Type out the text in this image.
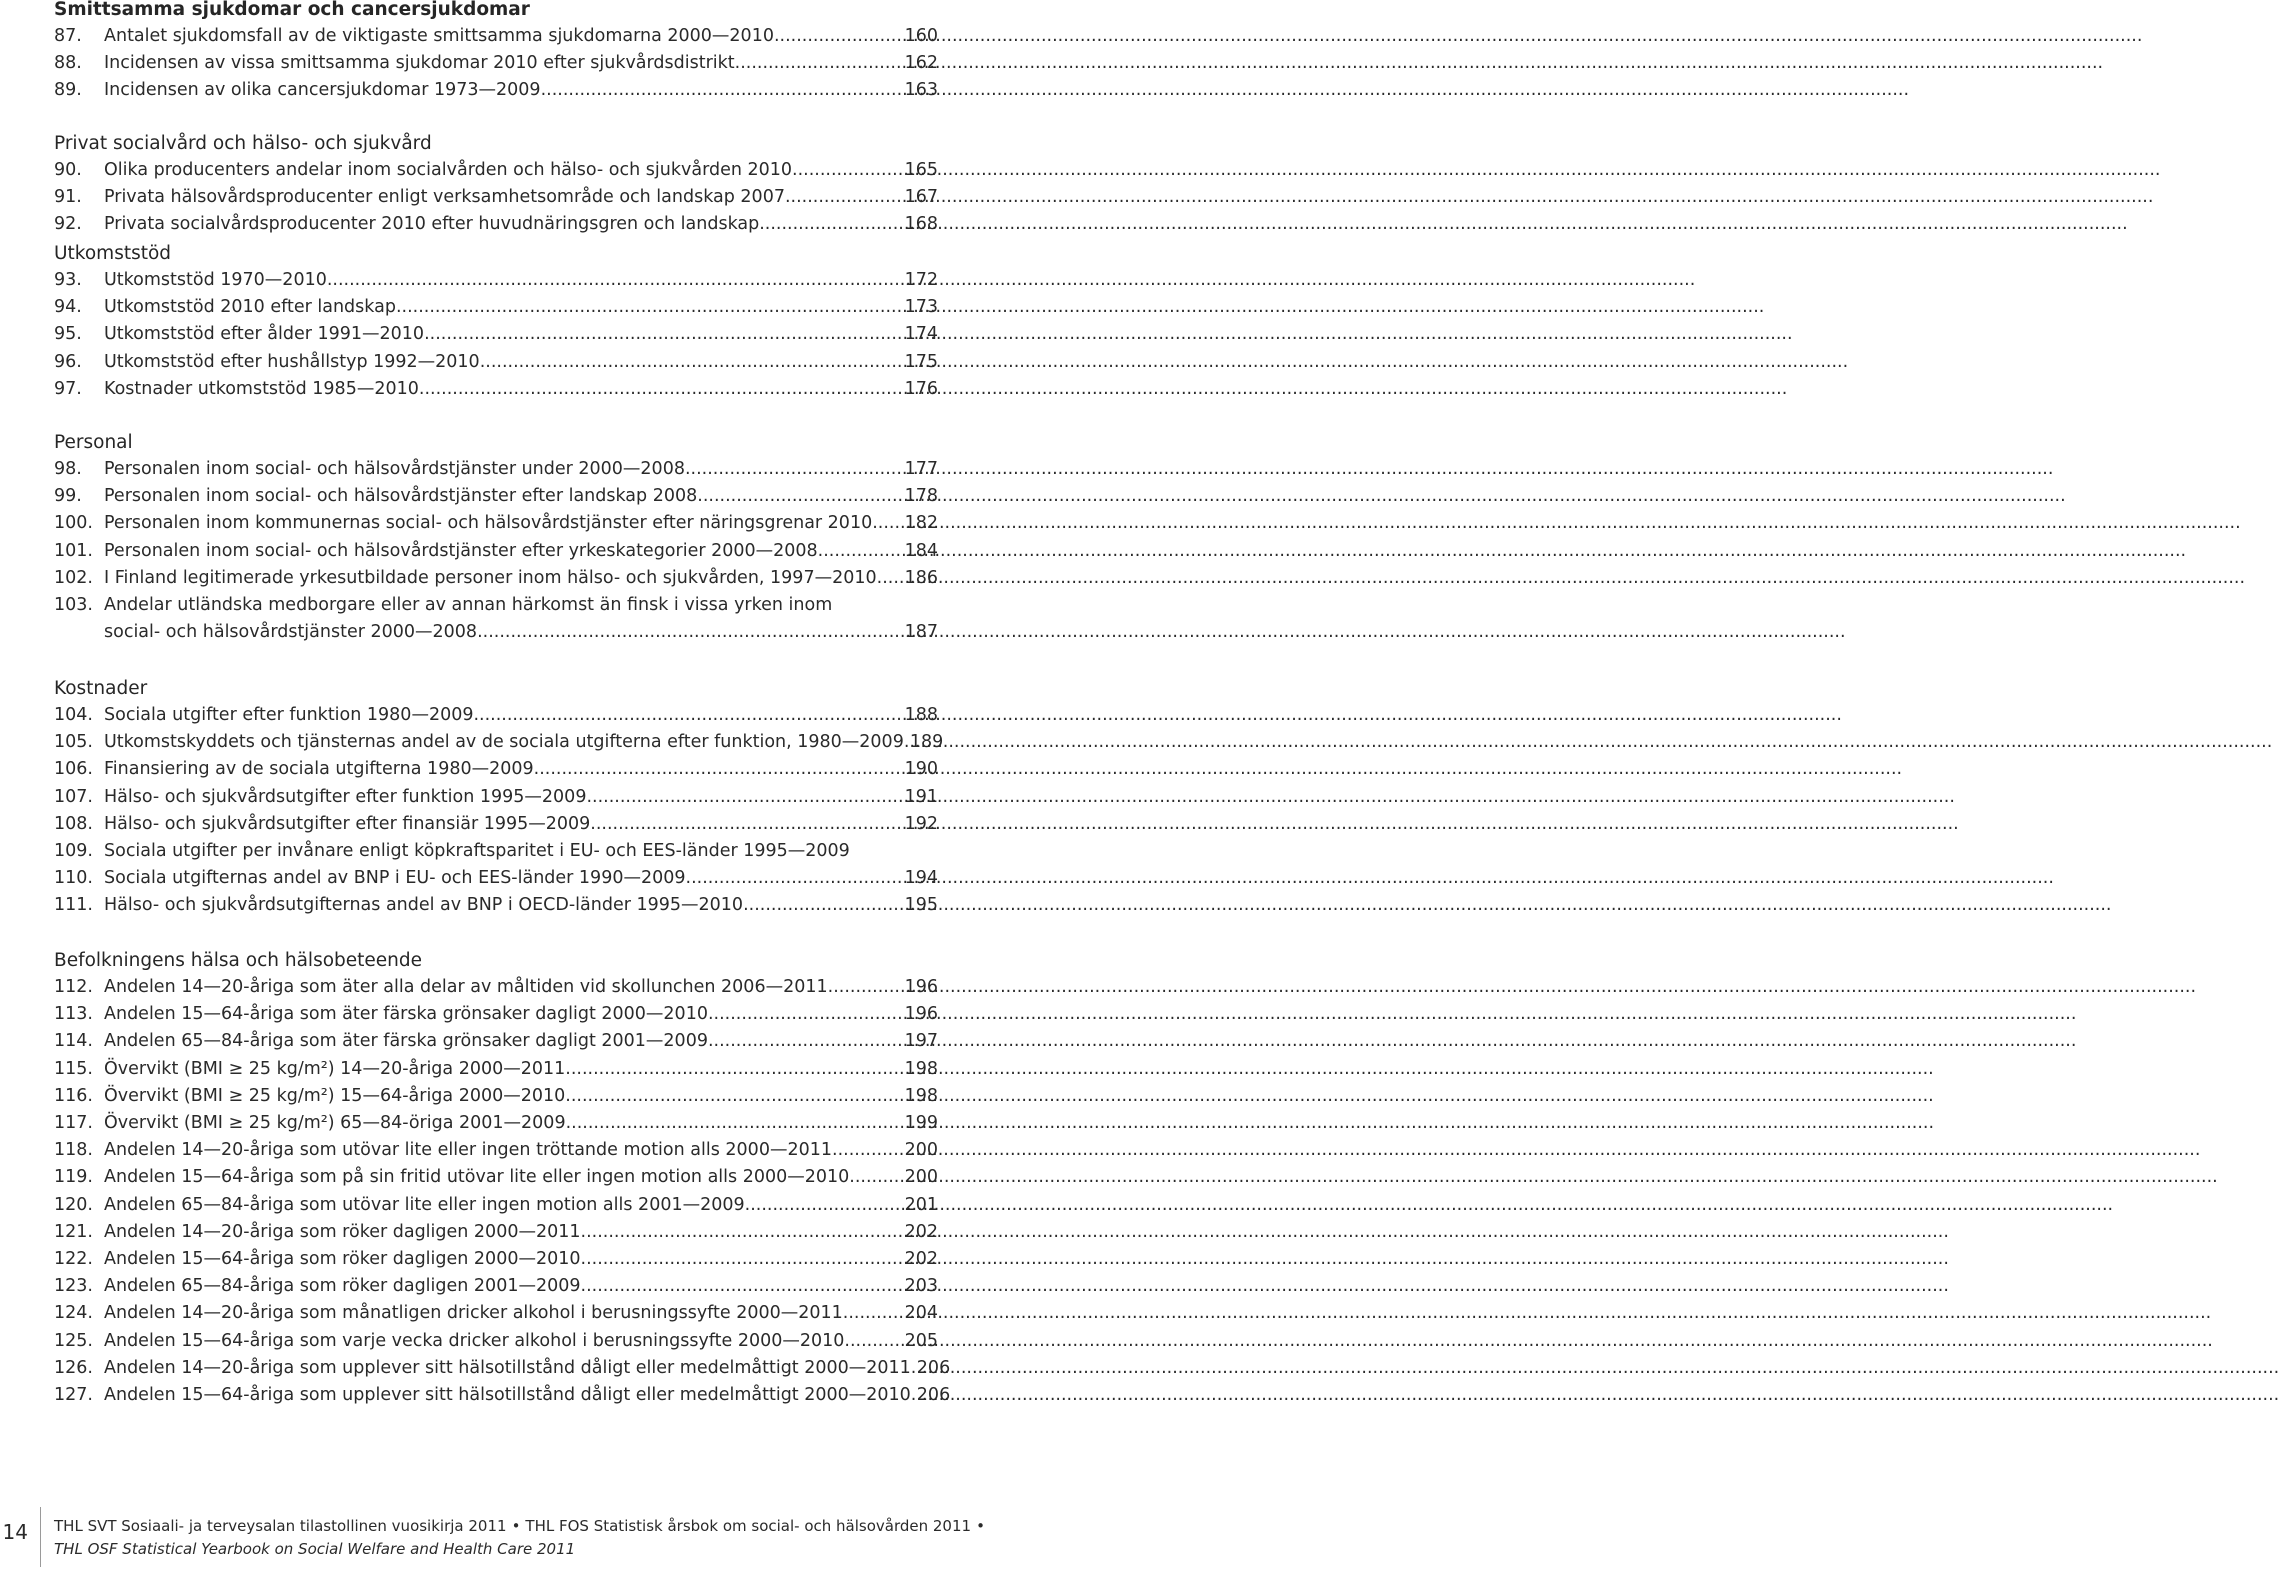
Smittsamma sjukdomar och cancersjukdomar
87.	Antalet sjukdomsfall av de viktigaste smittsamma sjukdomarna 2000—2010 .....	160
88.	Incidensen av vissa smittsamma sjukdomar 2010 efter sjukvårdsdistrikt .....	162
89.	Incidensen av olika cancersjukdomar 1973—2009 .....	163
Privat socialvård och hälso- och sjukvård
90.	Olika producenters andelar inom socialvården och hälso- och sjukvården 2010 .....	165
91.	Privata hälsovårdsproducenter enligt verksamhetsområde och landskap 2007 .....	167
92.	Privata socialvårdsproducenter 2010 efter huvudnäringsgren och landskap .....	168
Utkomststöd
93.	Utkomststöd 1970—2010 .....	172
94.	Utkomststöd 2010 efter landskap .....	173
95.	Utkomststöd efter ålder 1991—2010 .....	174
96.	Utkomststöd efter hushållstyp 1992—2010 .....	175
97.	Kostnader utkomststöd 1985—2010 .....	176
Personal
98.	Personalen inom social- och hälsovårdstjänster under 2000—2008 .....	177
99.	Personalen inom social- och hälsovårdstjänster efter landskap 2008 .....	178
100. Personalen inom kommunernas social- och hälsovårdstjänster efter näringsgrenar 2010 ..... 182
101. Personalen inom social- och hälsovårdstjänster efter yrkeskategorier 2000—2008 .....	184
102. I Finland legitimerade yrkesutbildade personer inom hälso- och sjukvården, 1997—2010 ..... 186
103. Andelar utländska medborgare eller av annan härkomst än finsk i vissa yrken inom
social- och hälsovårdstjänster 2000—2008 .....	187
Kostnader
104. Sociala utgifter efter funktion 1980—2009 .....	188
105. Utkomstskyddets och tjänsternas andel av de sociala utgifterna efter funktion, 1980—2009 ..... 189
106. Finansiering av de sociala utgifterna 1980—2009 .....	190
107. Hälso- och sjukvårdsutgifter efter funktion 1995—2009 .....	191
108. Hälso- och sjukvårdsutgifter efter finansiär 1995—2009 .....	192
109. Sociala utgifter per invånare enligt köpkraftsparitet i EU- och EES-länder 1995—2009
110. Sociala utgifternas andel av BNP i EU- och EES-länder 1990—2009 .....	194
111. Hälso- och sjukvårdsutgifternas andel av BNP i OECD-länder 1995—2010 .....	195
Befolkningens hälsa och hälsobeteende
112. Andelen 14—20-åriga som äter alla delar av måltiden vid skollunchen 2006—2011 .....	196
113. Andelen 15—64-åriga som äter färska grönsaker dagligt 2000—2010 .....	196
114. Andelen 65—84-åriga som äter färska grönsaker dagligt 2001—2009 .....	197
115. Övervikt (BMI ≥ 25 kg/m²) 14—20-åriga 2000—2011 .....	198
116. Övervikt (BMI ≥ 25 kg/m²) 15—64-åriga 2000—2010 .....	198
117. Övervikt (BMI ≥ 25 kg/m²) 65—84-öriga 2001—2009 .....	199
118. Andelen 14—20-åriga som utövar lite eller ingen tröttande motion alls 2000—2011 .....	200
119. Andelen 15—64-åriga som på sin fritid utövar lite eller ingen motion alls 2000—2010 .....	200
120. Andelen 65—84-åriga som utövar lite eller ingen motion alls 2001—2009 .....	201
121. Andelen 14—20-åriga som röker dagligen 2000—2011 .....	202
122. Andelen 15—64-åriga som röker dagligen 2000—2010 .....	202
123. Andelen 65—84-åriga som röker dagligen 2001—2009 .....	203
124. Andelen 14—20-åriga som månatligen dricker alkohol i berusningssyfte 2000—2011 .....	204
125. Andelen 15—64-åriga som varje vecka dricker alkohol i berusningssyfte 2000—2010 .....	205
126. Andelen 14—20-åriga som upplever sitt hälsotillstånd dåligt eller medelmåttigt 2000—2011 ..... 206
127. Andelen 15—64-åriga som upplever sitt hälsotillstånd dåligt eller medelmåttigt 2000—2010 ..... 206
14 THL SVT Sosiaali- ja terveysalan tilastollinen vuosikirja 2011 • THL FOS Statistisk årsbok om social- och hälsovården 2011 •
THL OSF Statistical Yearbook on Social Welfare and Health Care 2011
